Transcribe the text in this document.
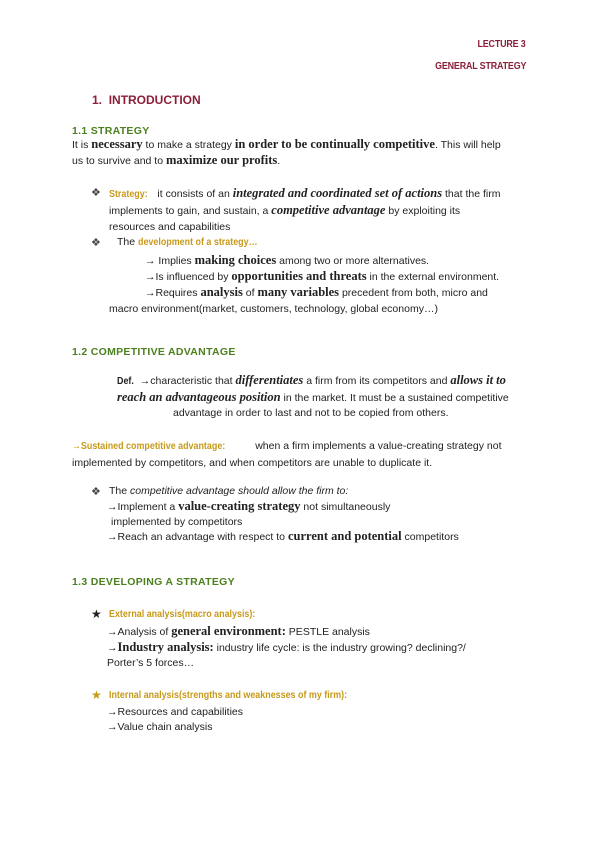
LECTURE 3
GENERAL STRATEGY
1. INTRODUCTION
1.1 STRATEGY
It is necessary to make a strategy in order to be continually competitive. This will help
us to survive and to maximize our profits.
❖ Strategy: it consists of an integrated and coordinated set of actions that the firm
implements to gain, and sustain, a competitive advantage by exploiting its
resources and capabilities
❖ The development of a strategy…
→ Implies making choices among two or more alternatives.
→Is influenced by opportunities and threats in the external environment.
→Requires analysis of many variables precedent from both, micro and
macro environment(market, customers, technology, global economy…)
1.2 COMPETITIVE ADVANTAGE
Def. →characteristic that differentiates a firm from its competitors and allows it to
reach an advantageous position in the market. It must be a sustained competitive
advantage in order to last and not to be copied from others.
→Sustained competitive advantage:	when a firm implements a value-creating strategy not
implemented by competitors, and when competitors are unable to duplicate it.
❖ The competitive advantage should allow the firm to:
→Implement a value-creating strategy not simultaneously
implemented by competitors
→Reach an advantage with respect to current and potential competitors
1.3 DEVELOPING A STRATEGY
★ External analysis(macro analysis):
→Analysis of general environment: PESTLE analysis
→Industry analysis: industry life cycle: is the industry growing? declining?/
Porter’s 5 forces…
★ Internal analysis(strengths and weaknesses of my firm):
→Resources and capabilities
→Value chain analysis
